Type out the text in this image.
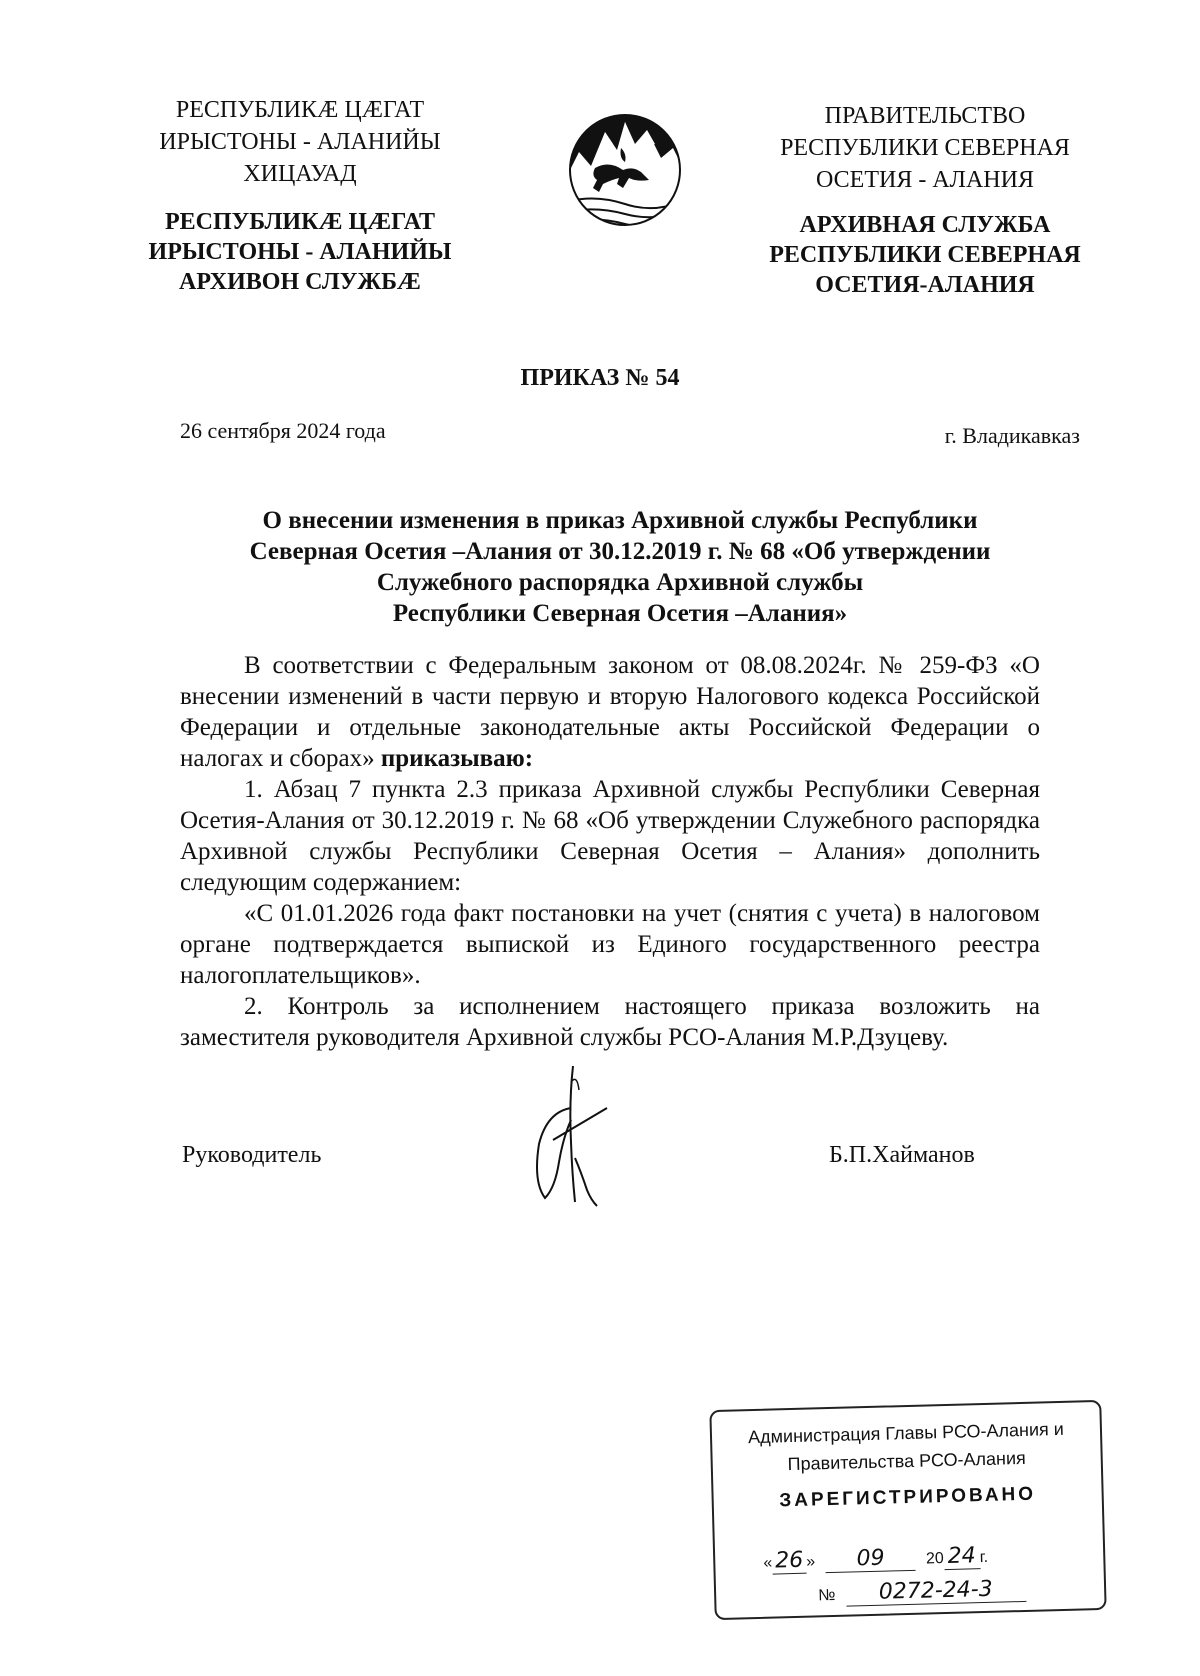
РЕСПУБЛИКӔ ЦӔГАТ
ИРЫСТОНЫ - АЛАНИЙЫ
ХИЦАУАД
РЕСПУБЛИКӔ ЦӔГАТ
ИРЫСТОНЫ - АЛАНИЙЫ
АРХИВОН СЛУЖБӔ
ПРАВИТЕЛЬСТВО
РЕСПУБЛИКИ СЕВЕРНАЯ
ОСЕТИЯ - АЛАНИЯ
АРХИВНАЯ СЛУЖБА
РЕСПУБЛИКИ СЕВЕРНАЯ
ОСЕТИЯ-АЛАНИЯ
ПРИКАЗ № 54
26 сентября 2024 года	г. Владикавказ
О внесении изменения в приказ Архивной службы Республики
Северная Осетия –Алания от 30.12.2019 г. № 68 «Об утверждении
Служебного распорядка Архивной службы
Республики Северная Осетия –Алания»

В соответствии с Федеральным законом от 08.08.2024г. № 259-ФЗ «О внесении изменений в части первую и вторую Налогового кодекса Российской Федерации и отдельные законодательные акты Российской Федерации о налогах и сборах» приказываю:

1. Абзац 7 пункта 2.3 приказа Архивной службы Республики Северная Осетия-Алания от 30.12.2019 г. № 68 «Об утверждении Служебного распорядка Архивной службы Республики Северная Осетия – Алания» дополнить следующим содержанием:

«С 01.01.2026 года факт постановки на учет (снятия с учета) в налоговом органе подтверждается выпиской из Единого государственного реестра налогоплательщиков».

2. Контроль за исполнением настоящего приказа возложить на заместителя руководителя Архивной службы РСО-Алания М.Р.Дзуцеву.

Руководитель	Б.П.Хайманов
Администрация Главы РСО-Алания и
Правительства РСО-Алания
ЗАРЕГИСТРИРОВАНО
« 26 » 09	20 24 г.
№ 0272-24-3
